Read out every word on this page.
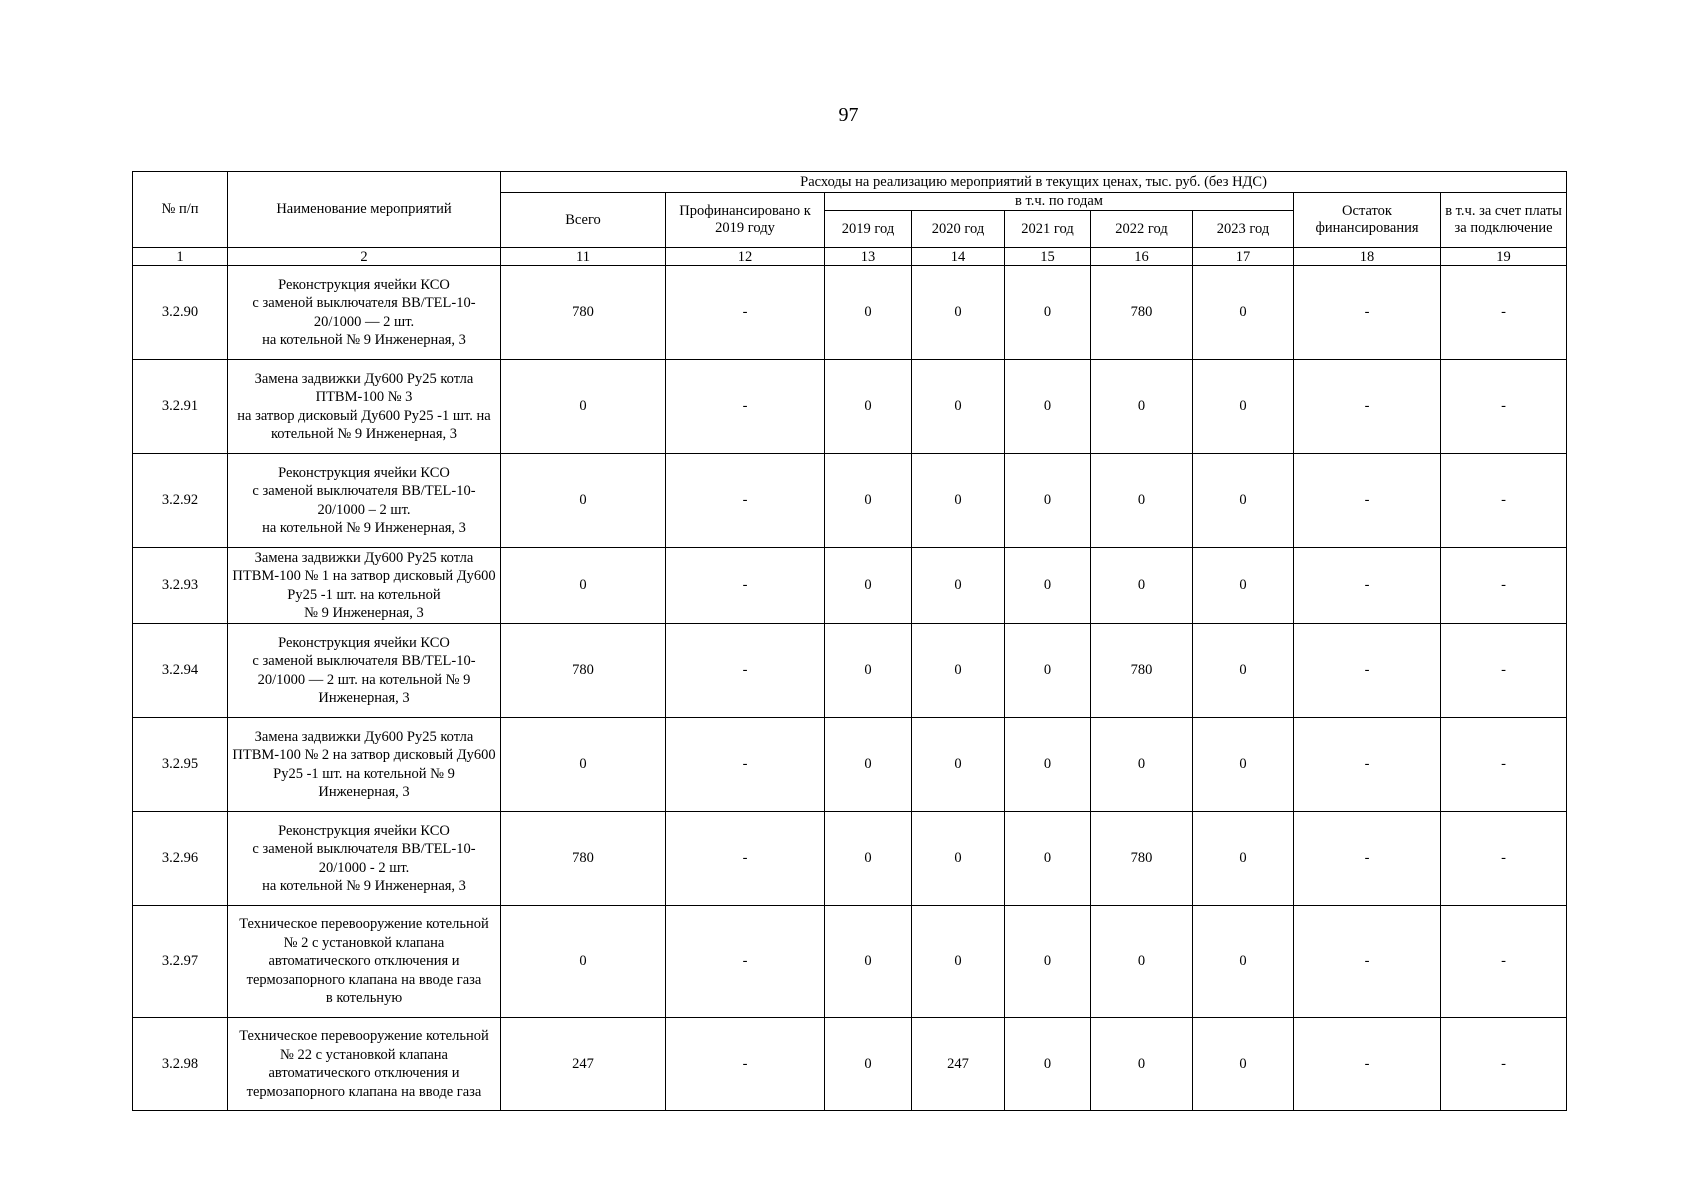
97
№ п/п	Наименование мероприятий	Расходы на реализацию мероприятий в текущих ценах, тыс. руб. (без НДС)								
		Всего	Профинансировано к 2019 году	в т.ч. по годам					Остаток финансирования	в т.ч. за счет платы за подключение
				2019 год	2020 год	2021 год	2022 год	2023 год		
1	2	11	12	13	14	15	16	17	18	19
3.2.90	Реконструкция ячейки КСО
с заменой выключателя ВВ/TEL-10-20/1000 — 2 шт.
на котельной № 9 Инженерная, 3	780	-	0	0	0	780	0	-	-
3.2.91	Замена задвижки Ду600 Ру25 котла ПТВМ-100 № 3
на затвор дисковый Ду600 Ру25 -1 шт. на котельной № 9 Инженерная, 3	0	-	0	0	0	0	0	-	-
3.2.92	Реконструкция ячейки КСО
с заменой выключателя ВВ/TEL-10-20/1000 – 2 шт.
на котельной № 9 Инженерная, 3	0	-	0	0	0	0	0	-	-
3.2.93	Замена задвижки Ду600 Ру25 котла ПТВМ-100 № 1 на затвор дисковый Ду600 Ру25 -1 шт. на котельной
№ 9 Инженерная, 3	0	-	0	0	0	0	0	-	-
3.2.94	Реконструкция ячейки КСО
с заменой выключателя ВВ/TEL-10-20/1000 — 2 шт. на котельной № 9 Инженерная, 3	780	-	0	0	0	780	0	-	-
3.2.95	Замена задвижки Ду600 Ру25 котла ПТВМ-100 № 2 на затвор дисковый Ду600 Ру25 -1 шт. на котельной № 9 Инженерная, 3	0	-	0	0	0	0	0	-	-
3.2.96	Реконструкция ячейки КСО
с заменой выключателя ВВ/TEL-10-20/1000 - 2 шт.
на котельной № 9 Инженерная, 3	780	-	0	0	0	780	0	-	-
3.2.97	Техническое перевооружение котельной № 2 с установкой клапана автоматического отключения и термозапорного клапана на вводе газа
в котельную	0	-	0	0	0	0	0	-	-
3.2.98	Техническое перевооружение котельной № 22 с установкой клапана автоматического отключения и термозапорного клапана на вводе газа	247	-	0	247	0	0	0	-	-
